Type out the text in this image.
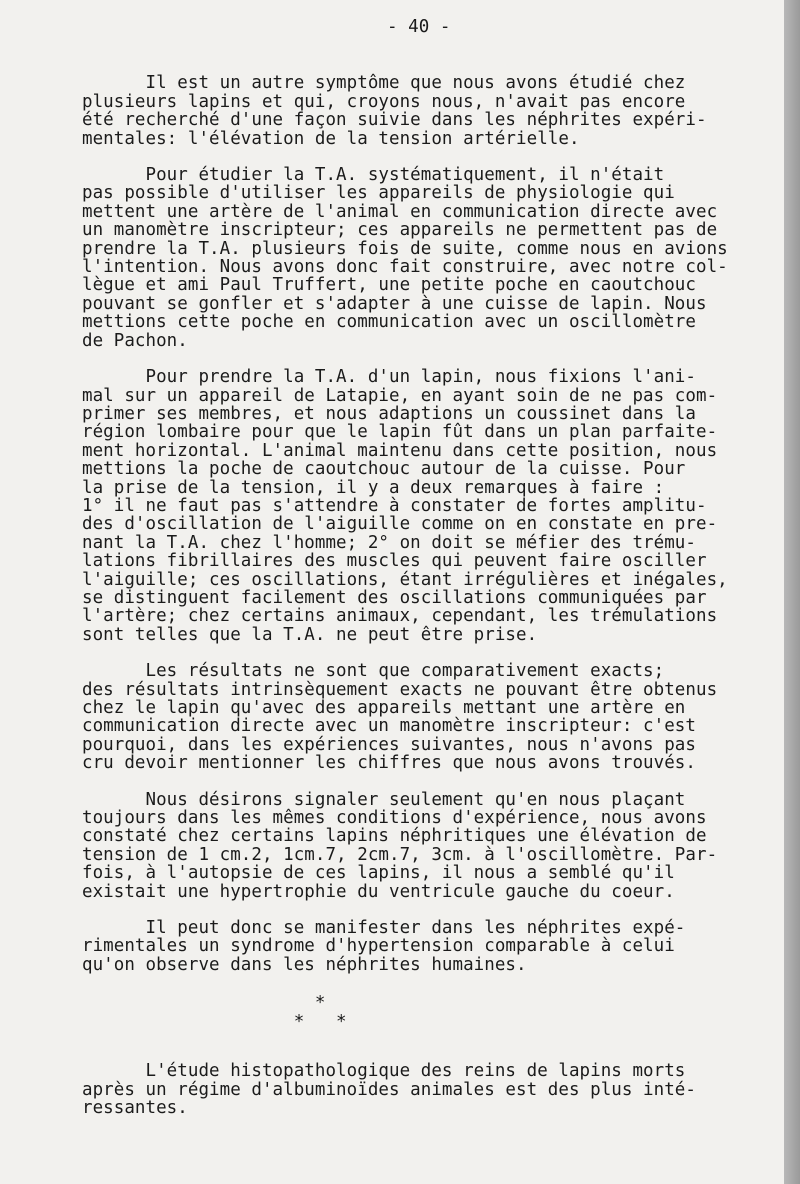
- 40 -
Il est un autre symptôme que nous avons étudié chez
plusieurs lapins et qui, croyons nous, n'avait pas encore
été recherché d'une façon suivie dans les néphrites expéri-
mentales: l'élévation de la tension artérielle.
Pour étudier la T.A. systématiquement, il n'était
pas possible d'utiliser les appareils de physiologie qui
mettent une artère de l'animal en communication directe avec
un manomètre inscripteur; ces appareils ne permettent pas de
prendre la T.A. plusieurs fois de suite, comme nous en avions
l'intention. Nous avons donc fait construire, avec notre col-
lègue et ami Paul Truffert, une petite poche en caoutchouc
pouvant se gonfler et s'adapter à une cuisse de lapin. Nous
mettions cette poche en communication avec un oscillomètre
de Pachon.
Pour prendre la T.A. d'un lapin, nous fixions l'ani-
mal sur un appareil de Latapie, en ayant soin de ne pas com-
primer ses membres, et nous adaptions un coussinet dans la
région lombaire pour que le lapin fût dans un plan parfaite-
ment horizontal. L'animal maintenu dans cette position, nous
mettions la poche de caoutchouc autour de la cuisse. Pour
la prise de la tension, il y a deux remarques à faire :
1° il ne faut pas s'attendre à constater de fortes amplitu-
des d'oscillation de l'aiguille comme on en constate en pre-
nant la T.A. chez l'homme; 2° on doit se méfier des trému-
lations fibrillaires des muscles qui peuvent faire osciller
l'aiguille; ces oscillations, étant irrégulières et inégales,
se distinguent facilement des oscillations communiquées par
l'artère; chez certains animaux, cependant, les trémulations
sont telles que la T.A. ne peut être prise.
Les résultats ne sont que comparativement exacts;
des résultats intrinsèquement exacts ne pouvant être obtenus
chez le lapin qu'avec des appareils mettant une artère en
communication directe avec un manomètre inscripteur: c'est
pourquoi, dans les expériences suivantes, nous n'avons pas
cru devoir mentionner les chiffres que nous avons trouvés.
Nous désirons signaler seulement qu'en nous plaçant
toujours dans les mêmes conditions d'expérience, nous avons
constaté chez certains lapins néphritiques une élévation de
tension de 1 cm.2, 1cm.7, 2cm.7, 3cm. à l'oscillomètre. Par-
fois, à l'autopsie de ces lapins, il nous a semblé qu'il
existait une hypertrophie du ventricule gauche du coeur.
Il peut donc se manifester dans les néphrites expé-
rimentales un syndrome d'hypertension comparable à celui
qu'on observe dans les néphrites humaines.
*
*   *
L'étude histopathologique des reins de lapins morts
après un régime d'albuminoïdes animales est des plus inté-
ressantes.
